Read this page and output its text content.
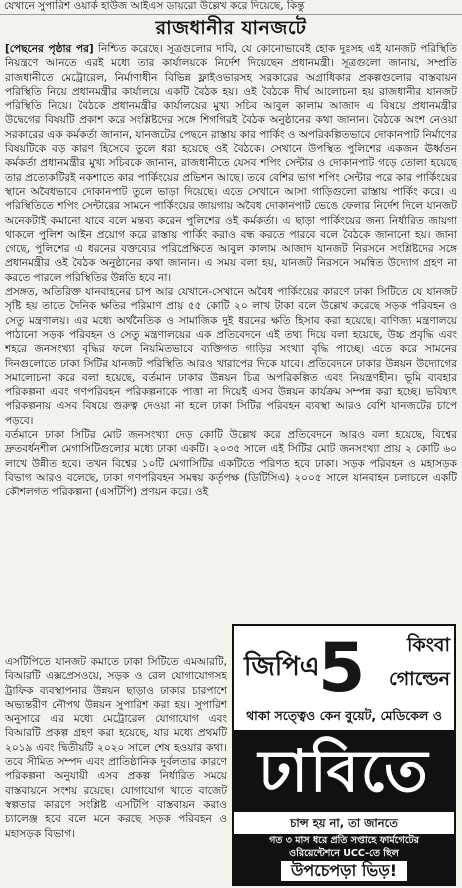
যেখানে সুপারিশ ওয়ার্ক হাউজ আইএস ডায়রো উল্লেখ করে দিয়েছে, কিন্তু
রাজধানীর যানজটে

[পেছনের পৃষ্ঠার পর] নিশ্চিত করেছে। সূত্রগুলোর দাবি, যে কোনোভাবেই হোক দুঃসহ এই যানজট পরিস্থিতি নিয়ন্ত্রণে আনতে এরই মধ্যে তার কার্যালয়কে নির্দেশ দিয়েছেন প্রধানমন্ত্রী। সূত্রগুলো জানায়, সম্প্রতি রাজধানীতে মেট্রোরেল, নির্মাণাধীন বিভিন্ন ফ্লাইওভারসহ সরকারের অগ্রাধিকার প্রকল্পগুলোর বাস্তবায়ন পরিস্থিতি নিয়ে প্রধানমন্ত্রীর কার্যালয়ে একটি বৈঠক হয়। ওই বৈঠকে দীর্ঘ আলোচনা হয় রাজধানীর যানজট পরিস্থিতি নিয়ে। বৈঠকে প্রধানমন্ত্রীর কার্যালয়ের মুখ্য সচিব আবুল কালাম আজাদ এ বিষয়ে প্রধানমন্ত্রীর উদ্বেগের বিষয়টি প্রকাশ করে সংশ্লিষ্টদের সঙ্গে শিগগিরই বৈঠক অনুষ্ঠানের কথা জানান। বৈঠকে অংশ নেওয়া সরকারের এক কর্মকর্তা জানান, যানজটের পেছনে রাস্তায় কার পার্কিং ও অপরিকল্পিতভাবে দোকানপাট নির্মাণের বিষয়টিকে বড় কারণ হিসেবে তুলে ধরা হয়েছে ওই বৈঠকে। সেখানে উপস্থিত পুলিশের একজন ঊর্ধ্বতন কর্মকর্তা প্রধানমন্ত্রীর মুখ্য সচিবকে জানান, রাজধানীতে যেসব শপিং সেন্টার ও দোকানপাট গড়ে তোলা হয়েছে তার প্রত্যেকটিরই নকশাতে কার পার্কিংয়ের প্রভিশন আছে। তবে বেশির ভাগ শপিং সেন্টার পরে কার পার্কিংয়ের স্থানে অবৈধভাবে দোকানপাট তুলে ভাড়া দিয়েছে। এতে সেখানে আসা গাড়িগুলো রাস্তায় পার্কিং করে। এ পরিস্থিতিতে শপিং সেন্টারের সামনে পার্কিংয়ের জায়গায় অবৈধ দোকানপাট ভেঙে ফেলার নির্দেশ দিলে যানজট অনেকটাই কমানো যাবে বলে মন্তব্য করেন পুলিশের ওই কর্মকর্তা। এ ছাড়া পার্কিংয়ের জন্য নির্ধারিত জায়গা থাকলে পুলিশ আইন প্রয়োগ করে রাস্তায় পার্কিং করাও বন্ধ করতে পারবে বলে বৈঠকে জানানো হয়। জানা গেছে, পুলিশের এ ধরনের বক্তব্যের পরিপ্রেক্ষিতে আবুল কালাম আজাদ যানজট নিরসনে সংশ্লিষ্টদের সঙ্গে প্রধানমন্ত্রীর ওই বৈঠক অনুষ্ঠানের কথা জানান। এ সময় বলা হয়, যানজট নিরসনে সমন্বিত উদ্যোগ গ্রহণ না করতে পারলে পরিস্থিতির উন্নতি হবে না।

প্রসঙ্গত, অতিরিক্ত যানবাহনের চাপ আর যেখানে-সেখানে অবৈধ পার্কিংয়ের কারণে ঢাকা সিটিতে যে যানজট সৃষ্টি হয় তাতে দৈনিক ক্ষতির পরিমাণ প্রায় ৫৫ কোটি ২০ লাখ টাকা বলে উল্লেখ করেছে সড়ক পরিবহন ও সেতু মন্ত্রণালয়। এর মধ্যে অর্থনৈতিক ও সামাজিক দুই ধরনের ক্ষতি হিসাব করা হয়েছে। বাণিজ্য মন্ত্রণালয়ে পাঠানো সড়ক পরিবহন ও সেতু মন্ত্রণালয়ের এক প্রতিবেদনে এই তথ্য দিয়ে বলা হয়েছে, উচ্চ প্রবৃদ্ধি এবং শহরে জনসংখ্যা বৃদ্ধির ফলে নিয়মিতভাবে ব্যক্তিগত গাড়ির সংখ্যা বৃদ্ধি পাচ্ছে। এতে করে সামনের দিনগুলোতে ঢাকা সিটির যানজট পরিস্থিতি আরও খারাপের দিকে যাবে। প্রতিবেদনে ঢাকার উন্নয়ন উদ্যোগের সমালোচনা করে বলা হয়েছে, বর্তমান ঢাকার উন্নয়ন চিত্র অপরিকল্পিত এবং নিয়ন্ত্রণহীন। ভূমি ব্যবহার পরিকল্পনা এবং গণপরিবহন পরিকল্পনাকে পাত্তা না দিয়েই এসব উন্নয়ন কার্যক্রম সম্পন্ন করা হচ্ছে। ভবিষ্যৎ পরিকল্পনায় এসব বিষয়ে গুরুত্ব দেওয়া না হলে ঢাকা সিটির পরিবহন ব্যবস্থা আরও বেশি যানজটের চাপে পড়বে।

বর্তমানে ঢাকা সিটির মোট জনসংখ্যা দেড় কোটি উল্লেখ করে প্রতিবেদনে আরও বলা হয়েছে, বিশ্বের দ্রুতবর্ধনশীল মেগাসিটিগুলোর মধ্যে ঢাকা একটি। ২০৩৫ সালে এই সিটির মোট জনসংখ্যা প্রায় ২ কোটি ৬০ লাখে উন্নীত হবে। তখন বিশ্বের ১০টি মেগাসিটির একটিতে পরিণত হবে ঢাকা। সড়ক পরিবহন ও মহাসড়ক বিভাগ আরও বলেছে, ঢাকা গণপরিবহন সমন্বয় কর্তৃপক্ষ (ডিটিসিএ) ২০০৫ সালে যানবাহন চলাচলে একটি কৌশলগত পরিকল্পনা (এসটিপি) প্রণয়ন করে। ওই

এসটিপিতে যানজট কমাতে ঢাকা সিটিতে এমআরটি, বিআরটি এক্সপ্রেসওয়ে, সড়ক ও রেল যোগাযোগসহ ট্রাফিক ব্যবস্থাপনার উন্নয়ন ছাড়াও ঢাকার চারপাশে অভ্যন্তরীণ নৌপথ উন্নয়ন সুপারিশ করা হয়। সুপারিশ অনুসারে এর মধ্যে মেট্রোরেল যোগাযোগ এবং বিআরটি প্রকল্প গ্রহণ করা হয়েছে, যার মধ্যে প্রথমটি ২০১৯ এবং দ্বিতীয়টি ২০২০ সালে শেষ হওয়ার কথা। তবে সীমিত সম্পদ এবং প্রাতিষ্ঠানিক দুর্বলতার কারণে পরিকল্পনা অনুযায়ী এসব প্রকল্প নির্ধারিত সময়ে বাস্তবায়নে সংশয় রয়েছে। যোগাযোগ খাতে বাজেট স্বল্পতার কারণে সংশ্লিষ্ট এসটিপি বাস্তবায়ন করাও চ্যালেঞ্জ হবে বলে মনে করছে সড়ক পরিবহন ও মহাসড়ক বিভাগ।

জিপিএ
5 কিংবা
গোল্ডেন
থাকা সত্ত্বেও কেন বুয়েট, মেডিকেল ও
ঢাবিতে
চান্স হয় না, তা জানতে
গত ৩ মাস ধরে প্রতি সপ্তাহে ফার্মগেটের
ওরিয়েন্টেশনে UCC-তে ছিল
উপচেপড়া ভিড়!
